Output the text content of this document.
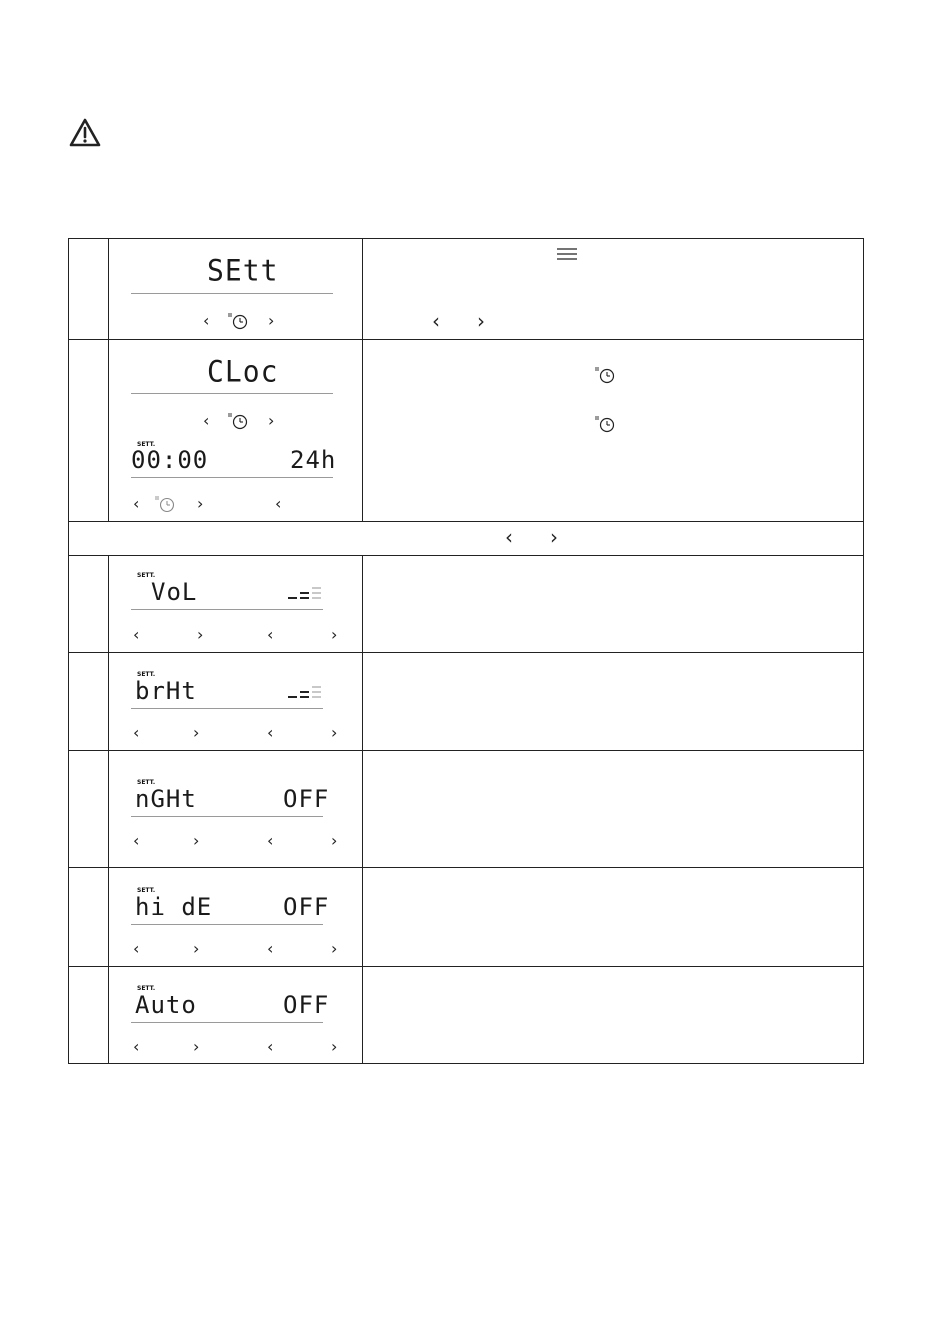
SEtt
‹	›	‹ ›
CLoc
‹	›
SETT.
00:00	24h
‹	›	‹
‹ ›
SETT.
VoL
‹	›	‹	›
SETT.
brHt
‹	›	‹	›
SETT.
nGHt	OFF
‹	›	‹	›
SETT.
hi dE	OFF
‹	›	‹	›
SETT.
Auto	OFF
‹	›	‹	›
